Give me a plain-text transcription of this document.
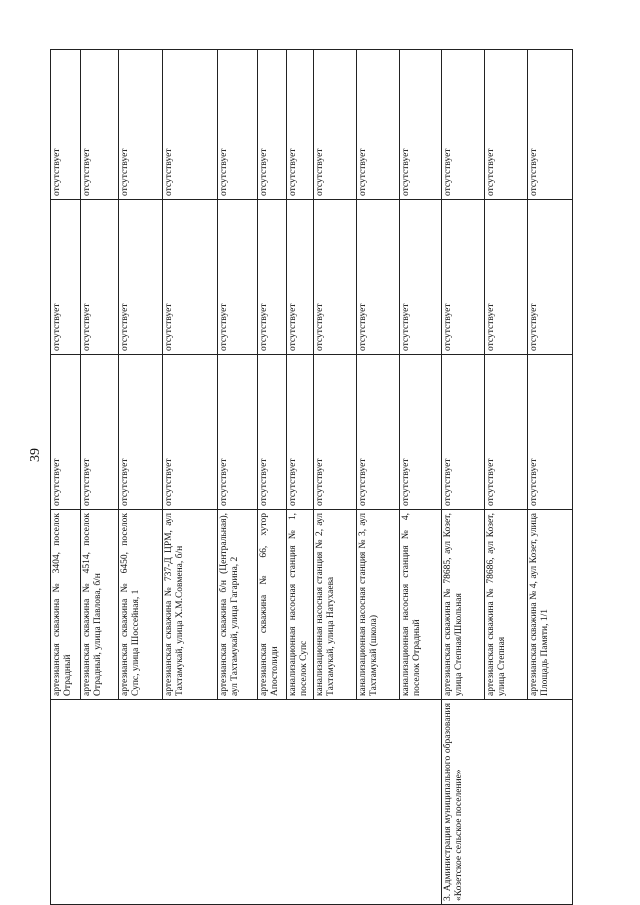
39
	артезианская скважина № 3404, поселок Отрадный	отсутствует	отсутствует	отсутствует
	артезианская скважина № 4514, поселок Отрадный, улица Павлова, б/н	отсутствует	отсутствует	отсутствует
	артезианская скважина № 6450, поселок Супс, улица Шоссейная, 1	отсутствует	отсутствует	отсутствует
	артезианская скважина № 737-Д ЦРМ, аул Тахтамукай, улица Х.М.Совмена, б/н	отсутствует	отсутствует	отсутствует
	артезианская скважина б/н (Центральная), аул Тахтамукай, улица Гагарина, 2	отсутствует	отсутствует	отсутствует
	артезианская скважина № 66, хутор Апостолиди	отсутствует	отсутствует	отсутствует
	канализационная насосная станция № 1, поселок Супс	отсутствует	отсутствует	отсутствует
	канализационная насосная станция № 2, аул Тахтамукай, улица Натухаева	отсутствует	отсутствует	отсутствует
	канализационная насосная станция № 3, аул Тахтамукай (школа)	отсутствует	отсутствует	отсутствует
	канализационная насосная станция № 4, поселок Отрадный	отсутствует	отсутствует	отсутствует
3. Администрация муниципального образования «Козетское сельское поселение»	артезианская скважина № 78685, аул Козет, улица Степная/Школьная	отсутствует	отсутствует	отсутствует
	артезианская скважина № 78686, аул Козет, улица Степная	отсутствует	отсутствует	отсутствует
	артезианская скважина № 4, аул Козет, улица Площадь Памяти, 1/1	отсутствует	отсутствует	отсутствует
